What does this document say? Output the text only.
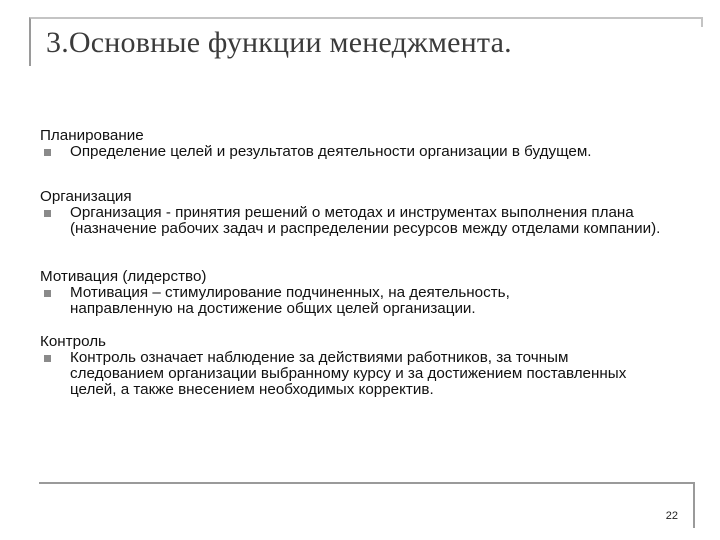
3.Основные функции менеджмента.

Планирование

Определение целей и результатов деятельности организации в будущем.

Организация

Организация - принятия решений о методах и инструментах выполнения плана (назначение рабочих задач и распределении ресурсов между отделами компании).

Мотивация (лидерство)

Мотивация – стимулирование подчиненных, на деятельность, направленную на достижение общих целей организации.

Контроль

Контроль означает наблюдение за действиями работников, за точным следованием организации выбранному курсу и за достижением поставленных целей, а также внесением необходимых корректив.

22
